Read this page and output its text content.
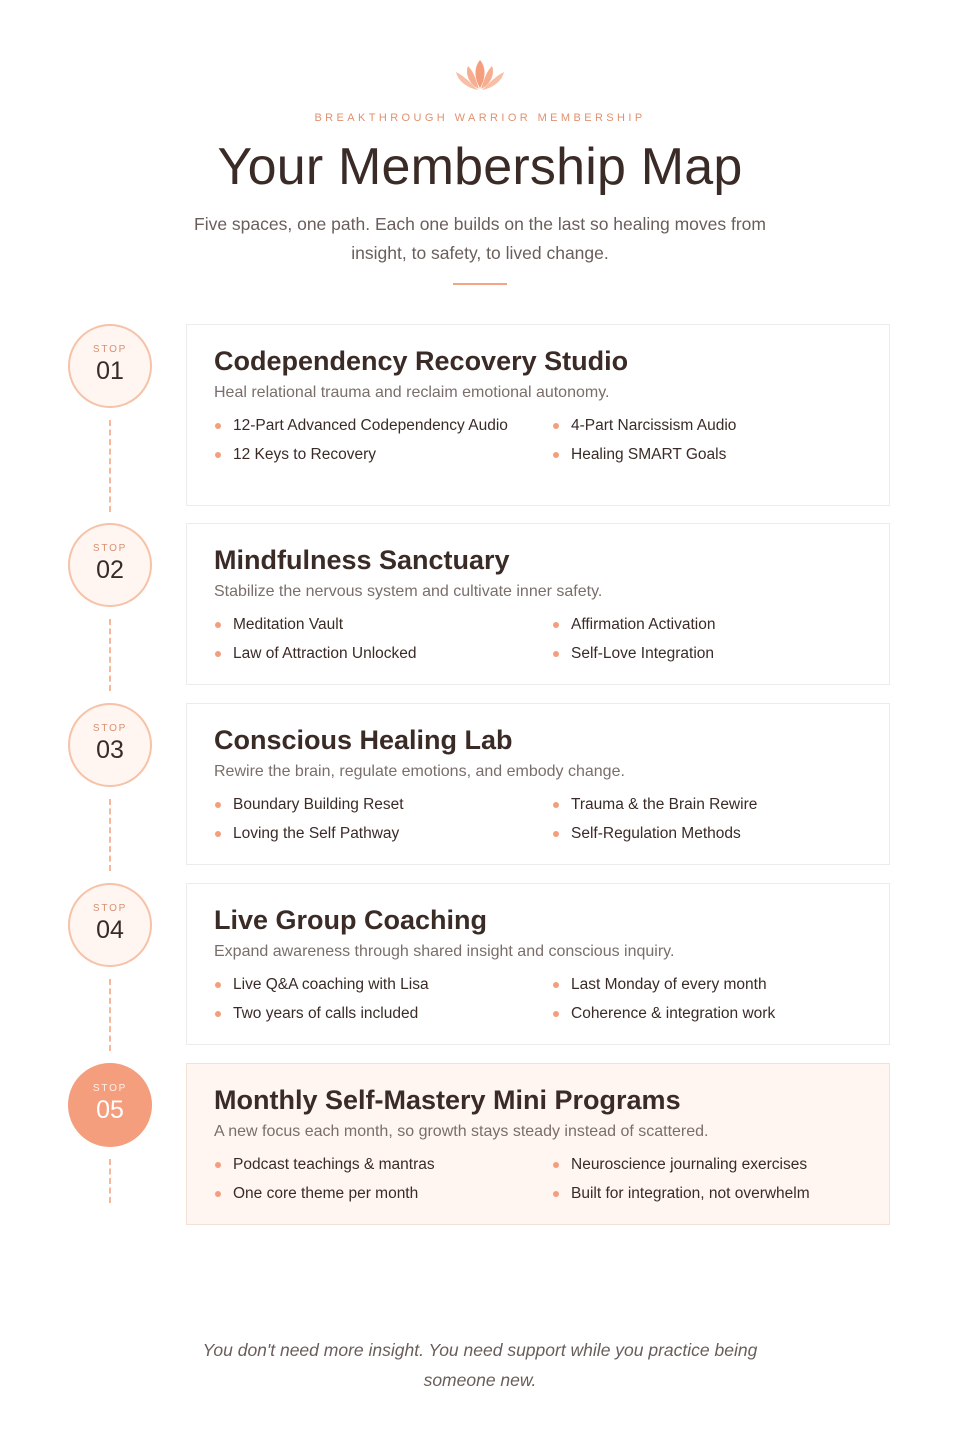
BREAKTHROUGH WARRIOR MEMBERSHIP
Your Membership Map
Five spaces, one path. Each one builds on the last so healing moves from insight, to safety, to lived change.
STOP
01	Codependency Recovery Studio
Heal relational trauma and reclaim emotional autonomy.
12-Part Advanced Codependency Audio	4-Part Narcissism Audio
12 Keys to Recovery	Healing SMART Goals
STOP
02	Mindfulness Sanctuary
Stabilize the nervous system and cultivate inner safety.
Meditation Vault	Affirmation Activation
Law of Attraction Unlocked	Self-Love Integration
STOP
03	Conscious Healing Lab
Rewire the brain, regulate emotions, and embody change.
Boundary Building Reset	Trauma & the Brain Rewire
Loving the Self Pathway	Self-Regulation Methods
STOP
04	Live Group Coaching
Expand awareness through shared insight and conscious inquiry.
Live Q&A coaching with Lisa	Last Monday of every month
Two years of calls included	Coherence & integration work
STOP
05	Monthly Self-Mastery Mini Programs
A new focus each month, so growth stays steady instead of scattered.
Podcast teachings & mantras	Neuroscience journaling exercises
One core theme per month	Built for integration, not overwhelm
You don't need more insight. You need support while you practice being someone new.
